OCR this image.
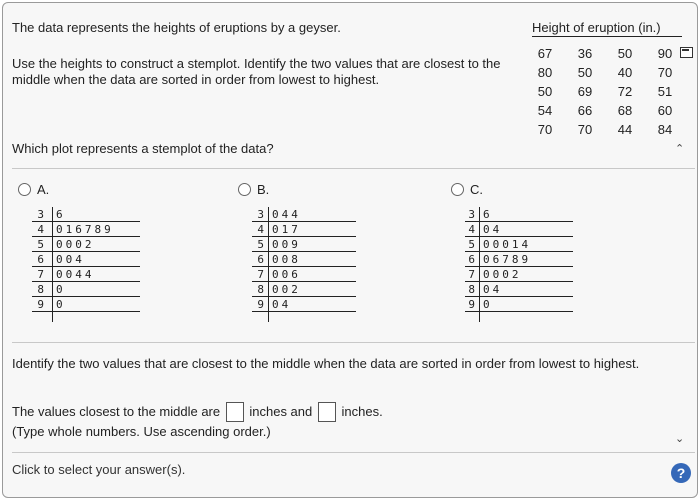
The data represents the heights of eruptions by a geyser.
Use the heights to construct a stemplot. Identify the two values that are closest to the middle when the data are sorted in order from lowest to highest.
Height of eruption (in.)
67	36	50	90
80	50	40	70
50	69	72	51
54	66	68	60
70	70	44	84
Which plot represents a stemplot of the data?	⌃
A.	B.	C.
3 6
4 016789
5 0002
6 004
7 0044
8 0
9 0
3 044
4 017
5 009
6 008
7 006
8 002
9 04
3 6
4 04
5 00014
6 06789
7 0002
8 04
9 0
Identify the two values that are closest to the middle when the data are sorted in order from lowest to highest.
The values closest to the middle are inches and inches.
(Type whole numbers. Use ascending order.)	⌄
Click to select your answer(s).	?
